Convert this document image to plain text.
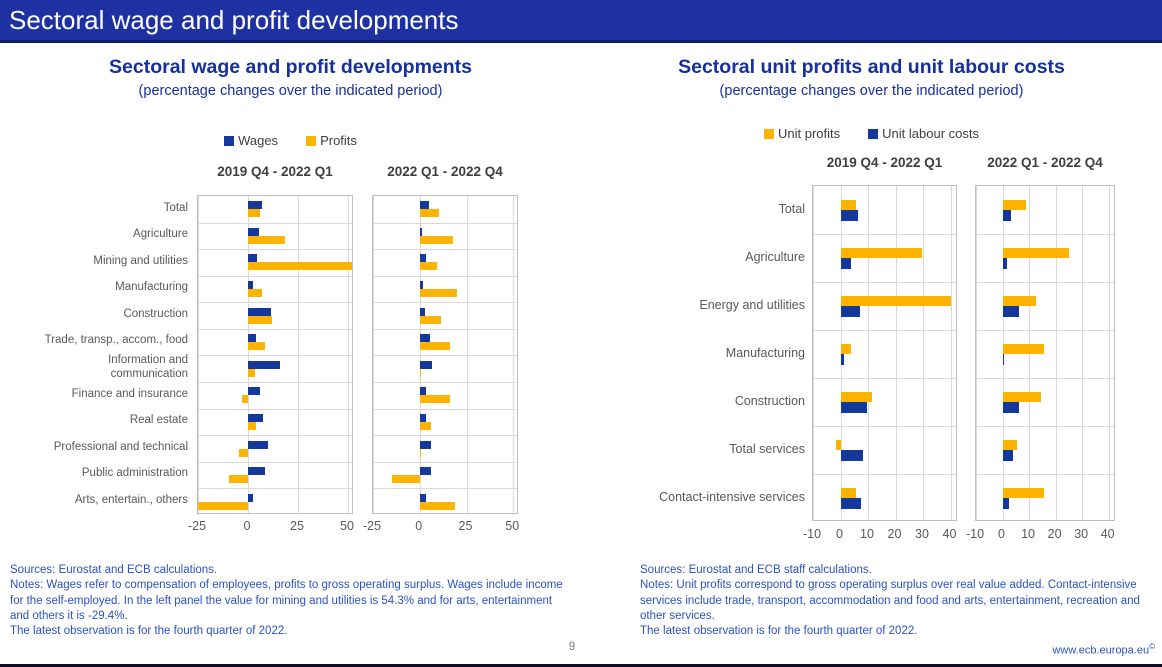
Sectoral wage and profit developments
Sectoral wage and profit developments
(percentage changes over the indicated period)
Wages	Profits
Sources: Eurostat and ECB calculations.
Notes: Wages refer to compensation of employees, profits to gross operating surplus. Wages include income for the self-employed. In the left panel the value for mining and utilities is 54.3% and for arts, entertainment and others it is -29.4%.
The latest observation is for the fourth quarter of 2022.
Total
Agriculture
Mining and utilities
Manufacturing
Construction
Trade, transp., accom., food
Information and communication
Finance and insurance
Real estate
Professional and technical
Public administration
Arts, entertain., others
2019 Q4 - 2022 Q1
-25	0	25	50
2022 Q1 - 2022 Q4
-25	0	25	50
Sectoral unit profits and unit labour costs
(percentage changes over the indicated period)
Unit profits	Unit labour costs
Sources: Eurostat and ECB staff calculations.
Notes: Unit profits correspond to gross operating surplus over real value added. Contact-intensive services include trade, transport, accommodation and food and arts, entertainment, recreation and other services.
The latest observation is for the fourth quarter of 2022.
Total
Agriculture
Energy and utilities
Manufacturing
Construction
Total services
Contact-intensive services
2019 Q4 - 2022 Q1
-10	0	10	20	30	40
2022 Q1 - 2022 Q4
-10	0	10	20	30	40
9	www.ecb.europa.eu©
